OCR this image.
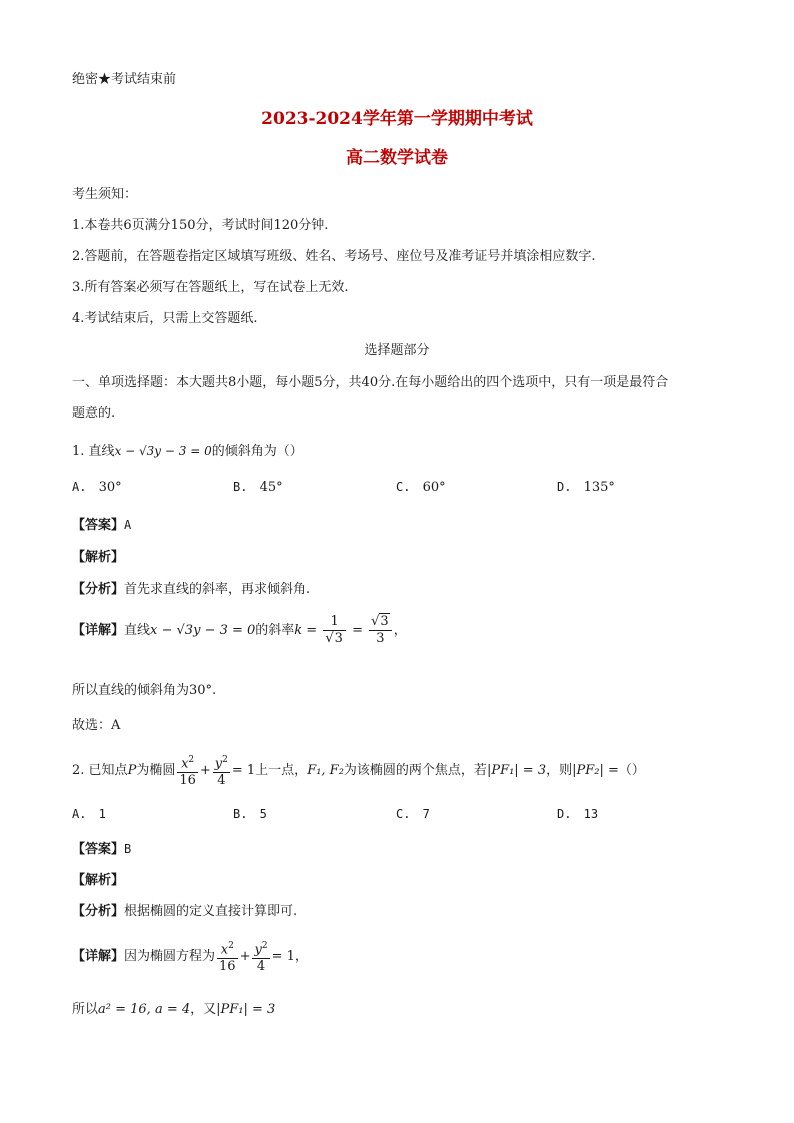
绝密★考试结束前
2023-2024学年第一学期期中考试
高二数学试卷
考生须知：
1.本卷共6页满分150分，考试时间120分钟.
2.答题前，在答题卷指定区域填写班级、姓名、考场号、座位号及准考证号并填涂相应数字.
3.所有答案必须写在答题纸上，写在试卷上无效.
4.考试结束后，只需上交答题纸.
选择题部分
一、单项选择题：本大题共8小题，每小题5分，共40分.在每小题给出的四个选项中，只有一项是最符合
题意的.
1. 直线x − √3y − 3 = 0的倾斜角为（）
A. 30°	B. 45°	C. 60°	D. 135°
【答案】A
【解析】
【分析】首先求直线的斜率，再求倾斜角.
【详解】直线x − √3y − 3 = 0的斜率$k = \frac{1}{√3} = \frac{√3}{3}$ ，
所以直线的倾斜角为30°.
故选：A
2. 已知点P为椭圆 $\frac{x^2}{16} + \frac{y^2}{4} = 1$上一点，F₁, F₂为该椭圆的两个焦点，若|PF₁| = 3，则|PF₂| =（）
A. 1	B. 5	C. 7	D. 13
【答案】B
【解析】
【分析】根据椭圆的定义直接计算即可.
【详解】因为椭圆方程为 $\frac{x^2}{16} + \frac{y^2}{4} = 1$，
所以a² = 16, a = 4，又|PF₁| = 3
